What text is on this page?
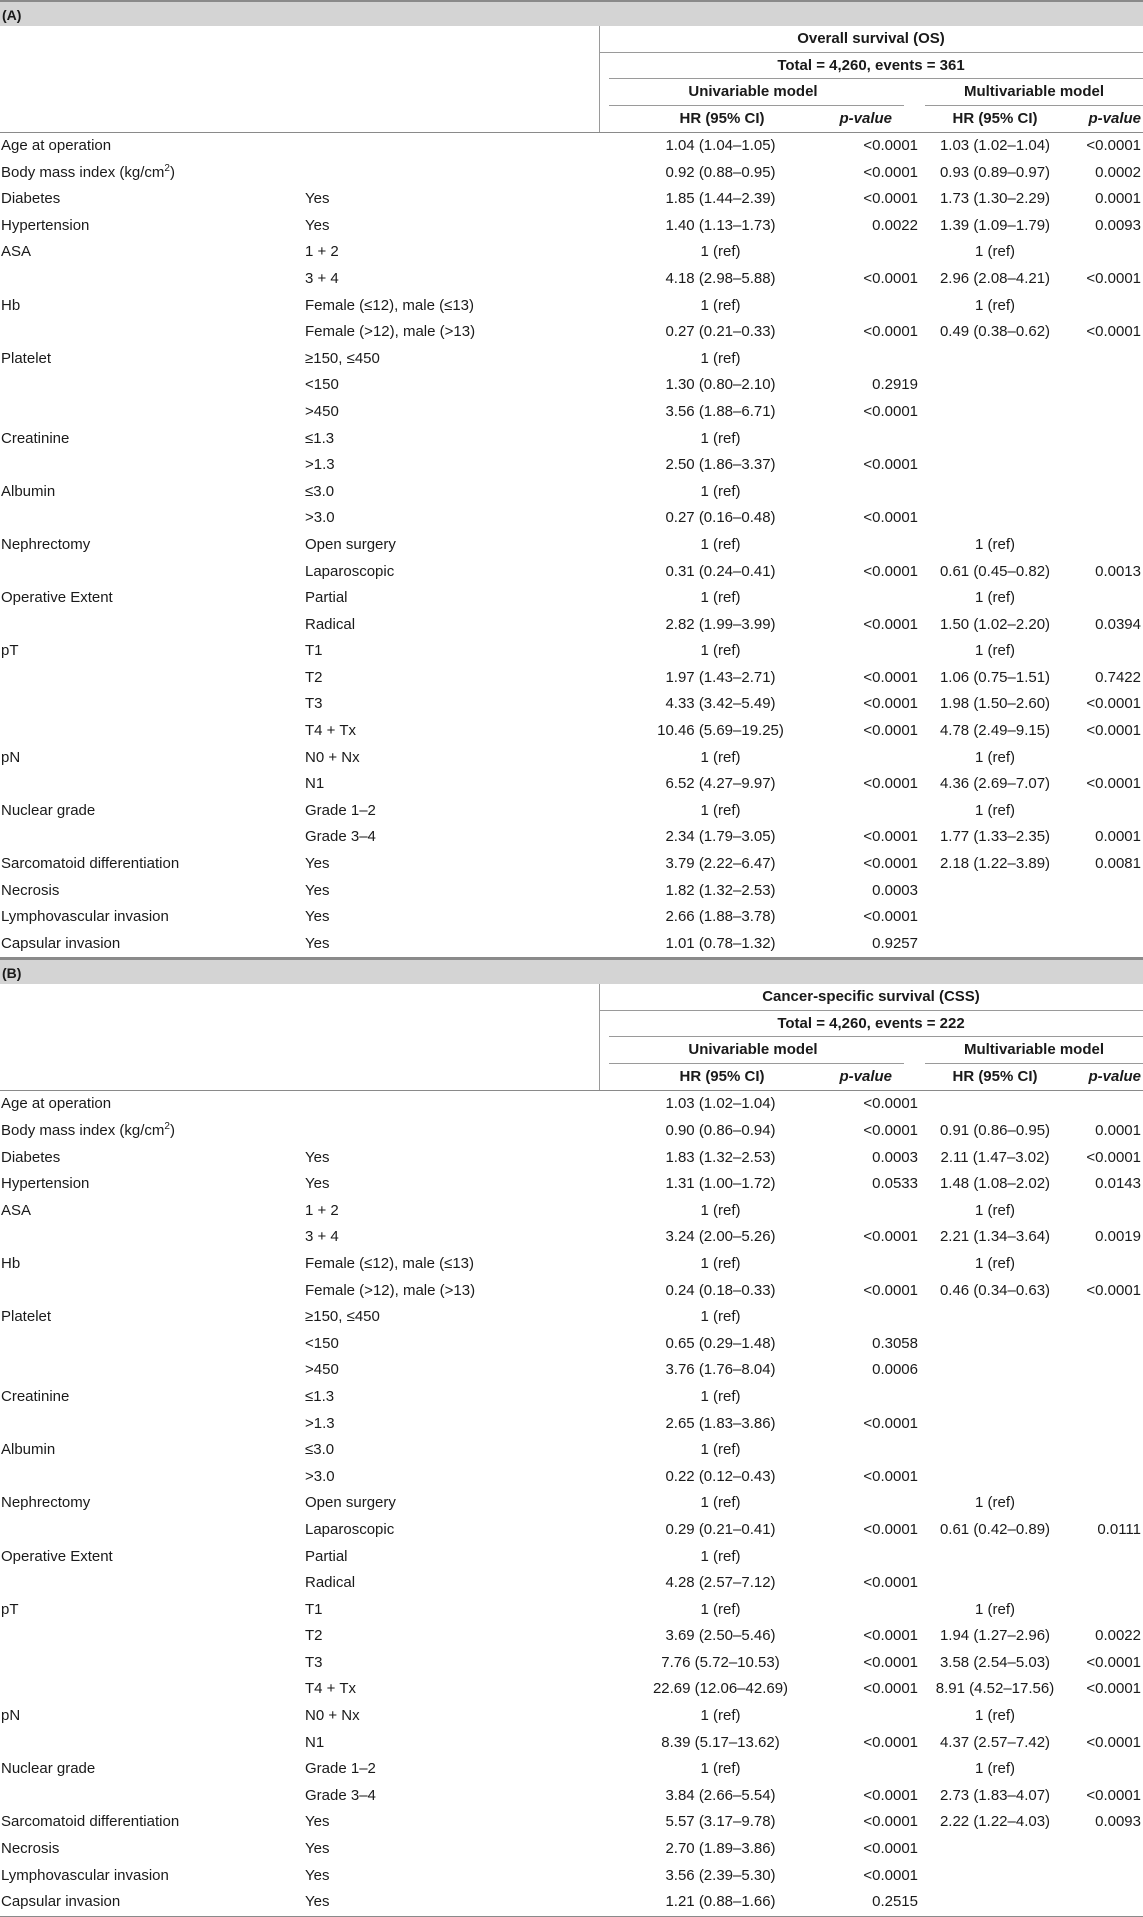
(A)
Overall survival (OS)
Total = 4,260, events = 361
Univariable model	Multivariable model
HR (95% CI)	p-value	HR (95% CI)	p-value
Age at operation	1.04 (1.04–1.05)	<0.0001	1.03 (1.02–1.04)	<0.0001
Body mass index $(kg/cm^2)$	0.92 (0.88–0.95)	<0.0001	0.93 (0.89–0.97)	0.0002
Diabetes	Yes	1.85 (1.44–2.39)	<0.0001	1.73 (1.30–2.29)	0.0001
Hypertension	Yes	1.40 (1.13–1.73)	0.0022	1.39 (1.09–1.79)	0.0093
ASA	1 + 2	1 (ref)	1 (ref)
3 + 4	4.18 (2.98–5.88)	<0.0001	2.96 (2.08–4.21)	<0.0001
Hb	Female (≤12), male (≤13)	1 (ref)	1 (ref)
Female (>12), male (>13)	0.27 (0.21–0.33)	<0.0001	0.49 (0.38–0.62)	<0.0001
Platelet	≥150, ≤450	1 (ref)
<150	1.30 (0.80–2.10)	0.2919
>450	3.56 (1.88–6.71)	<0.0001
Creatinine	≤1.3	1 (ref)
>1.3	2.50 (1.86–3.37)	<0.0001
Albumin	≤3.0	1 (ref)
>3.0	0.27 (0.16–0.48)	<0.0001
Nephrectomy	Open surgery	1 (ref)	1 (ref)
Laparoscopic	0.31 (0.24–0.41)	<0.0001	0.61 (0.45–0.82)	0.0013
Operative Extent	Partial	1 (ref)	1 (ref)
Radical	2.82 (1.99–3.99)	<0.0001	1.50 (1.02–2.20)	0.0394
pT	T1	1 (ref)	1 (ref)
T2	1.97 (1.43–2.71)	<0.0001	1.06 (0.75–1.51)	0.7422
T3	4.33 (3.42–5.49)	<0.0001	1.98 (1.50–2.60)	<0.0001
T4 + Tx	10.46 (5.69–19.25)	<0.0001	4.78 (2.49–9.15)	<0.0001
pN	N0 + Nx	1 (ref)	1 (ref)
N1	6.52 (4.27–9.97)	<0.0001	4.36 (2.69–7.07)	<0.0001
Nuclear grade	Grade 1–2	1 (ref)	1 (ref)
Grade 3–4	2.34 (1.79–3.05)	<0.0001	1.77 (1.33–2.35)	0.0001
Sarcomatoid differentiation	Yes	3.79 (2.22–6.47)	<0.0001	2.18 (1.22–3.89)	0.0081
Necrosis	Yes	1.82 (1.32–2.53)	0.0003
Lymphovascular invasion	Yes	2.66 (1.88–3.78)	<0.0001
Capsular invasion	Yes	1.01 (0.78–1.32)	0.9257
(B)
Cancer-specific survival (CSS)
Total = 4,260, events = 222
Univariable model	Multivariable model
HR (95% CI)	p-value	HR (95% CI)	p-value
Age at operation	1.03 (1.02–1.04)	<0.0001
Body mass index $(kg/cm^2)$	0.90 (0.86–0.94)	<0.0001	0.91 (0.86–0.95)	0.0001
Diabetes	Yes	1.83 (1.32–2.53)	0.0003	2.11 (1.47–3.02)	<0.0001
Hypertension	Yes	1.31 (1.00–1.72)	0.0533	1.48 (1.08–2.02)	0.0143
ASA	1 + 2	1 (ref)	1 (ref)
3 + 4	3.24 (2.00–5.26)	<0.0001	2.21 (1.34–3.64)	0.0019
Hb	Female (≤12), male (≤13)	1 (ref)	1 (ref)
Female (>12), male (>13)	0.24 (0.18–0.33)	<0.0001	0.46 (0.34–0.63)	<0.0001
Platelet	≥150, ≤450	1 (ref)
<150	0.65 (0.29–1.48)	0.3058
>450	3.76 (1.76–8.04)	0.0006
Creatinine	≤1.3	1 (ref)
>1.3	2.65 (1.83–3.86)	<0.0001
Albumin	≤3.0	1 (ref)
>3.0	0.22 (0.12–0.43)	<0.0001
Nephrectomy	Open surgery	1 (ref)	1 (ref)
Laparoscopic	0.29 (0.21–0.41)	<0.0001	0.61 (0.42–0.89)	0.0111
Operative Extent	Partial	1 (ref)
Radical	4.28 (2.57–7.12)	<0.0001
pT	T1	1 (ref)	1 (ref)
T2	3.69 (2.50–5.46)	<0.0001	1.94 (1.27–2.96)	0.0022
T3	7.76 (5.72–10.53)	<0.0001	3.58 (2.54–5.03)	<0.0001
T4 + Tx	22.69 (12.06–42.69)	<0.0001	8.91 (4.52–17.56)	<0.0001
pN	N0 + Nx	1 (ref)	1 (ref)
N1	8.39 (5.17–13.62)	<0.0001	4.37 (2.57–7.42)	<0.0001
Nuclear grade	Grade 1–2	1 (ref)	1 (ref)
Grade 3–4	3.84 (2.66–5.54)	<0.0001	2.73 (1.83–4.07)	<0.0001
Sarcomatoid differentiation	Yes	5.57 (3.17–9.78)	<0.0001	2.22 (1.22–4.03)	0.0093
Necrosis	Yes	2.70 (1.89–3.86)	<0.0001
Lymphovascular invasion	Yes	3.56 (2.39–5.30)	<0.0001
Capsular invasion	Yes	1.21 (0.88–1.66)	0.2515
